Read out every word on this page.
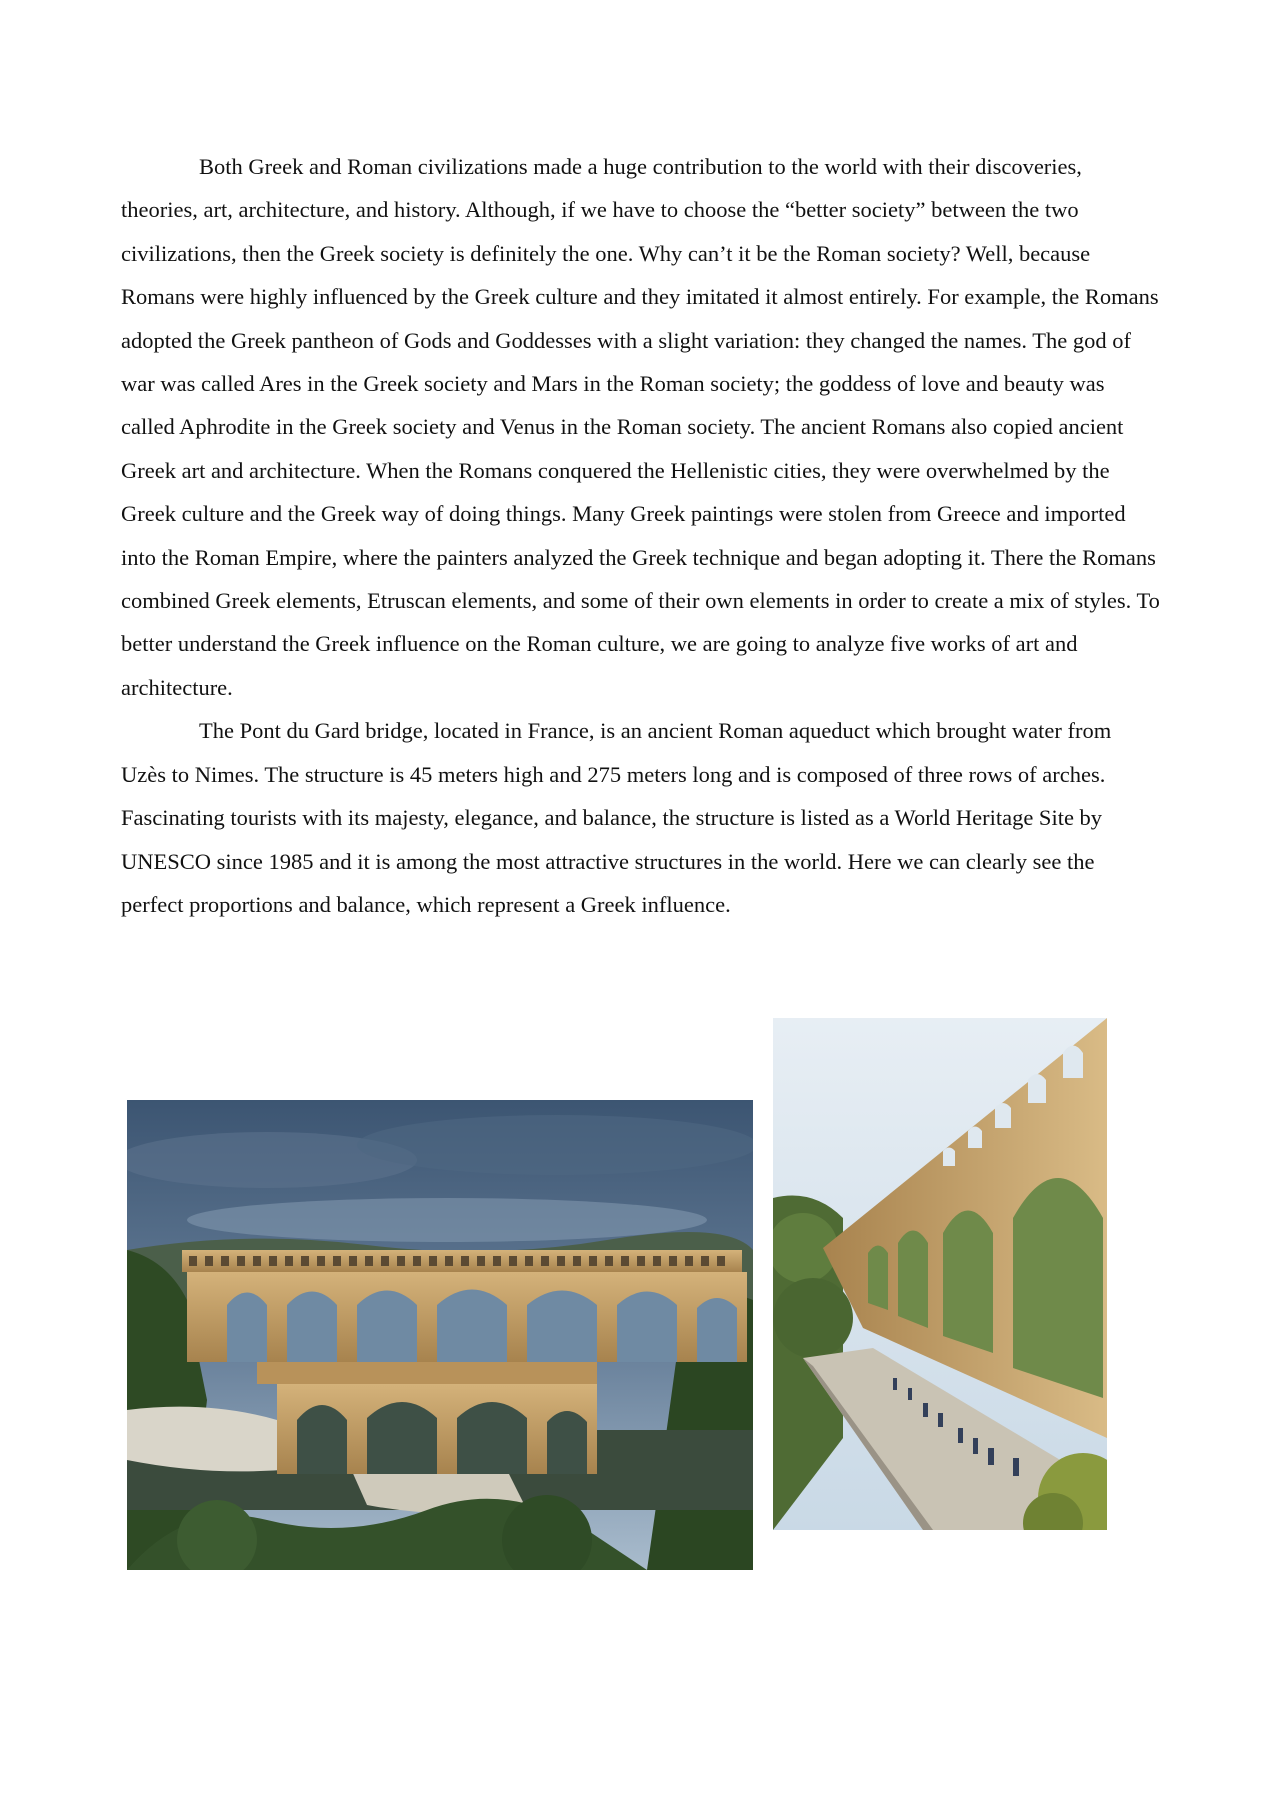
Both Greek and Roman civilizations made a huge contribution to the world with their discoveries, theories, art, architecture, and history. Although, if we have to choose the “better society” between the two civilizations, then the Greek society is definitely the one. Why can’t it be the Roman society? Well, because Romans were highly influenced by the Greek culture and they imitated it almost entirely. For example, the Romans adopted the Greek pantheon of Gods and Goddesses with a slight variation: they changed the names. The god of war was called Ares in the Greek society and Mars in the Roman society; the goddess of love and beauty was called Aphrodite in the Greek society and Venus in the Roman society. The ancient Romans also copied ancient Greek art and architecture. When the Romans conquered the Hellenistic cities, they were overwhelmed by the Greek culture and the Greek way of doing things. Many Greek paintings were stolen from Greece and imported into the Roman Empire, where the painters analyzed the Greek technique and began adopting it. There the Romans combined Greek elements, Etruscan elements, and some of their own elements in order to create a mix of styles. To better understand the Greek influence on the Roman culture, we are going to analyze five works of art and architecture.

The Pont du Gard bridge, located in France, is an ancient Roman aqueduct which brought water from Uzès to Nimes. The structure is 45 meters high and 275 meters long and is composed of three rows of arches. Fascinating tourists with its majesty, elegance, and balance, the structure is listed as a World Heritage Site by UNESCO since 1985 and it is among the most attractive structures in the world. Here we can clearly see the perfect proportions and balance, which represent a Greek influence.
